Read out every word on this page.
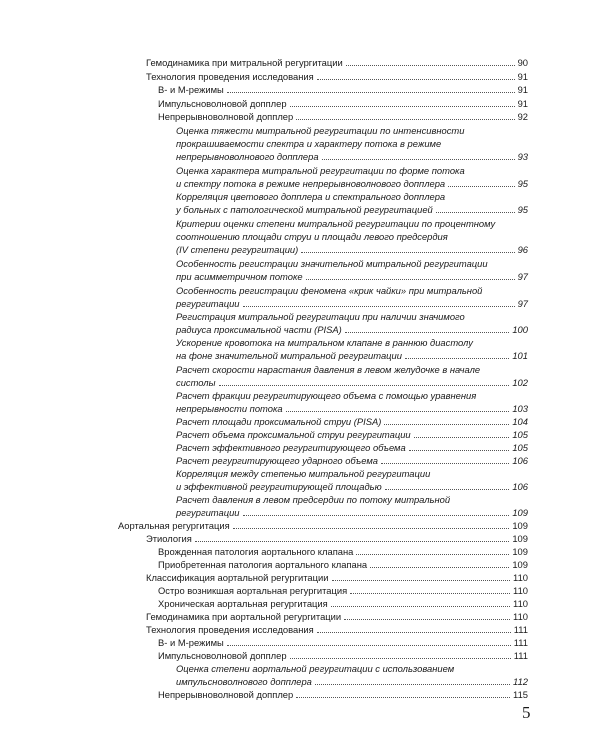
Гемодинамика при митральной регургитации	90
Технология проведения исследования	91
В- и М-режимы	91
Импульсноволновой допплер	91
Непрерывноволновой допплер	92
Оценка тяжести митральной регургитации по интенсивности
прокрашиваемости спектра и характеру потока в режиме
непрерывноволнового допплера	93
Оценка характера митральной регургитации по форме потока
и спектру потока в режиме непрерывноволнового допплера	95
Корреляция цветового допплера и спектрального допплера
у больных с патологической митральной регургитацией	95
Критерии оценки степени митральной регургитации по процентному
соотношению площади струи и площади левого предсердия
(IV степени регургитации)	96
Особенность регистрации значительной митральной регургитации
при асимметричном потоке	97
Особенность регистрации феномена «крик чайки» при митральной
регургитации	97
Регистрация митральной регургитации при наличии значимого
радиуса проксимальной части (PISA)	100
Ускорение кровотока на митральном клапане в раннюю диастолу
на фоне значительной митральной регургитации	101
Расчет скорости нарастания давления в левом желудочке в начале
систолы	102
Расчет фракции регургитирующего объема с помощью уравнения
непрерывности потока	103
Расчет площади проксимальной струи (PISA)	104
Расчет объема проксимальной струи регургитации	105
Расчет эффективного регургитирующего объема	105
Расчет регургитирующего ударного объема	106
Корреляция между степенью митральной регургитации
и эффективной регургитирующей площадью	106
Расчет давления в левом предсердии по потоку митральной
регургитации	109
Аортальная регургитация	109
Этиология	109
Врожденная патология аортального клапана	109
Приобретенная патология аортального клапана	109
Классификация аортальной регургитации	110
Остро возникшая аортальная регургитация	110
Хроническая аортальная регургитация	110
Гемодинамика при аортальной регургитации	110
Технология проведения исследования	111
В- и М-режимы	111
Импульсноволновой допплер	111
Оценка степени аортальной регургитации с использованием
импульсноволнового допплера	112
Непрерывноволновой допплер	115
5
